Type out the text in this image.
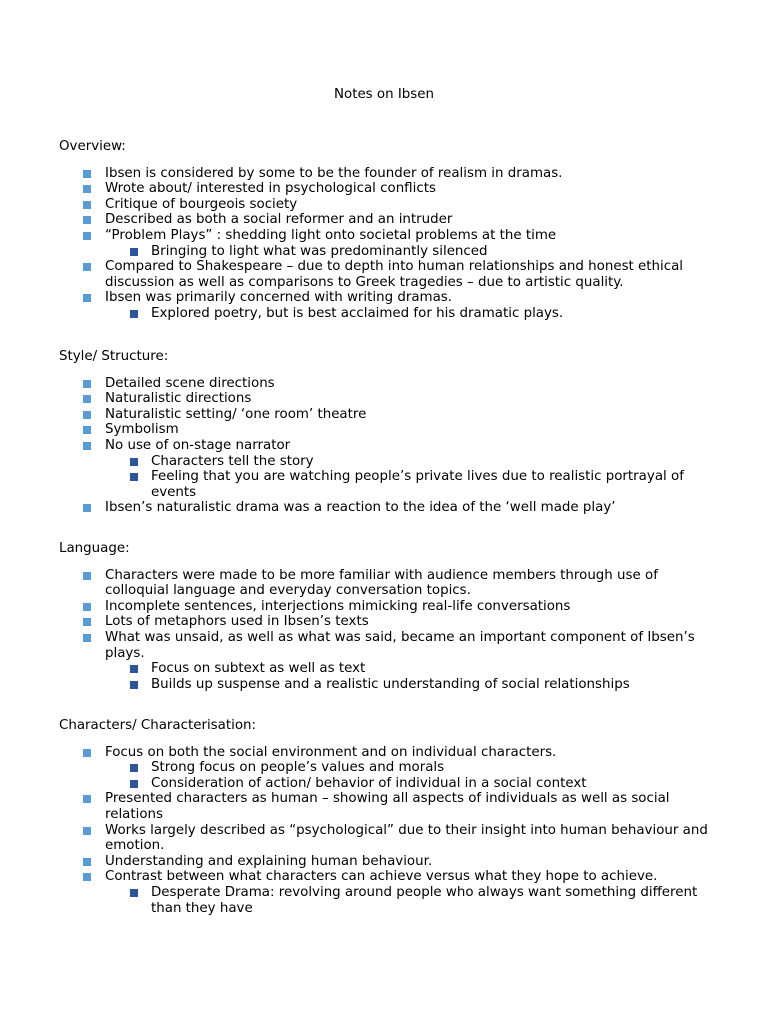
Notes on Ibsen
Overview:
Ibsen is considered by some to be the founder of realism in dramas.
Wrote about/ interested in psychological conflicts
Critique of bourgeois society
Described as both a social reformer and an intruder
“Problem Plays” : shedding light onto societal problems at the time
Bringing to light what was predominantly silenced
Compared to Shakespeare – due to depth into human relationships and honest ethical discussion as well as comparisons to Greek tragedies – due to artistic quality.
Ibsen was primarily concerned with writing dramas.
Explored poetry, but is best acclaimed for his dramatic plays.
Style/ Structure:
Detailed scene directions
Naturalistic directions
Naturalistic setting/ ‘one room’ theatre
Symbolism
No use of on-stage narrator
Characters tell the story
Feeling that you are watching people’s private lives due to realistic portrayal of events
Ibsen’s naturalistic drama was a reaction to the idea of the ‘well made play’
Language:
Characters were made to be more familiar with audience members through use of colloquial language and everyday conversation topics.
Incomplete sentences, interjections mimicking real-life conversations
Lots of metaphors used in Ibsen’s texts
What was unsaid, as well as what was said, became an important component of Ibsen’s plays.
Focus on subtext as well as text
Builds up suspense and a realistic understanding of social relationships
Characters/ Characterisation:
Focus on both the social environment and on individual characters.
Strong focus on people’s values and morals
Consideration of action/ behavior of individual in a social context
Presented characters as human – showing all aspects of individuals as well as social relations
Works largely described as “psychological” due to their insight into human behaviour and emotion.
Understanding and explaining human behaviour.
Contrast between what characters can achieve versus what they hope to achieve.
Desperate Drama: revolving around people who always want something different than they have
